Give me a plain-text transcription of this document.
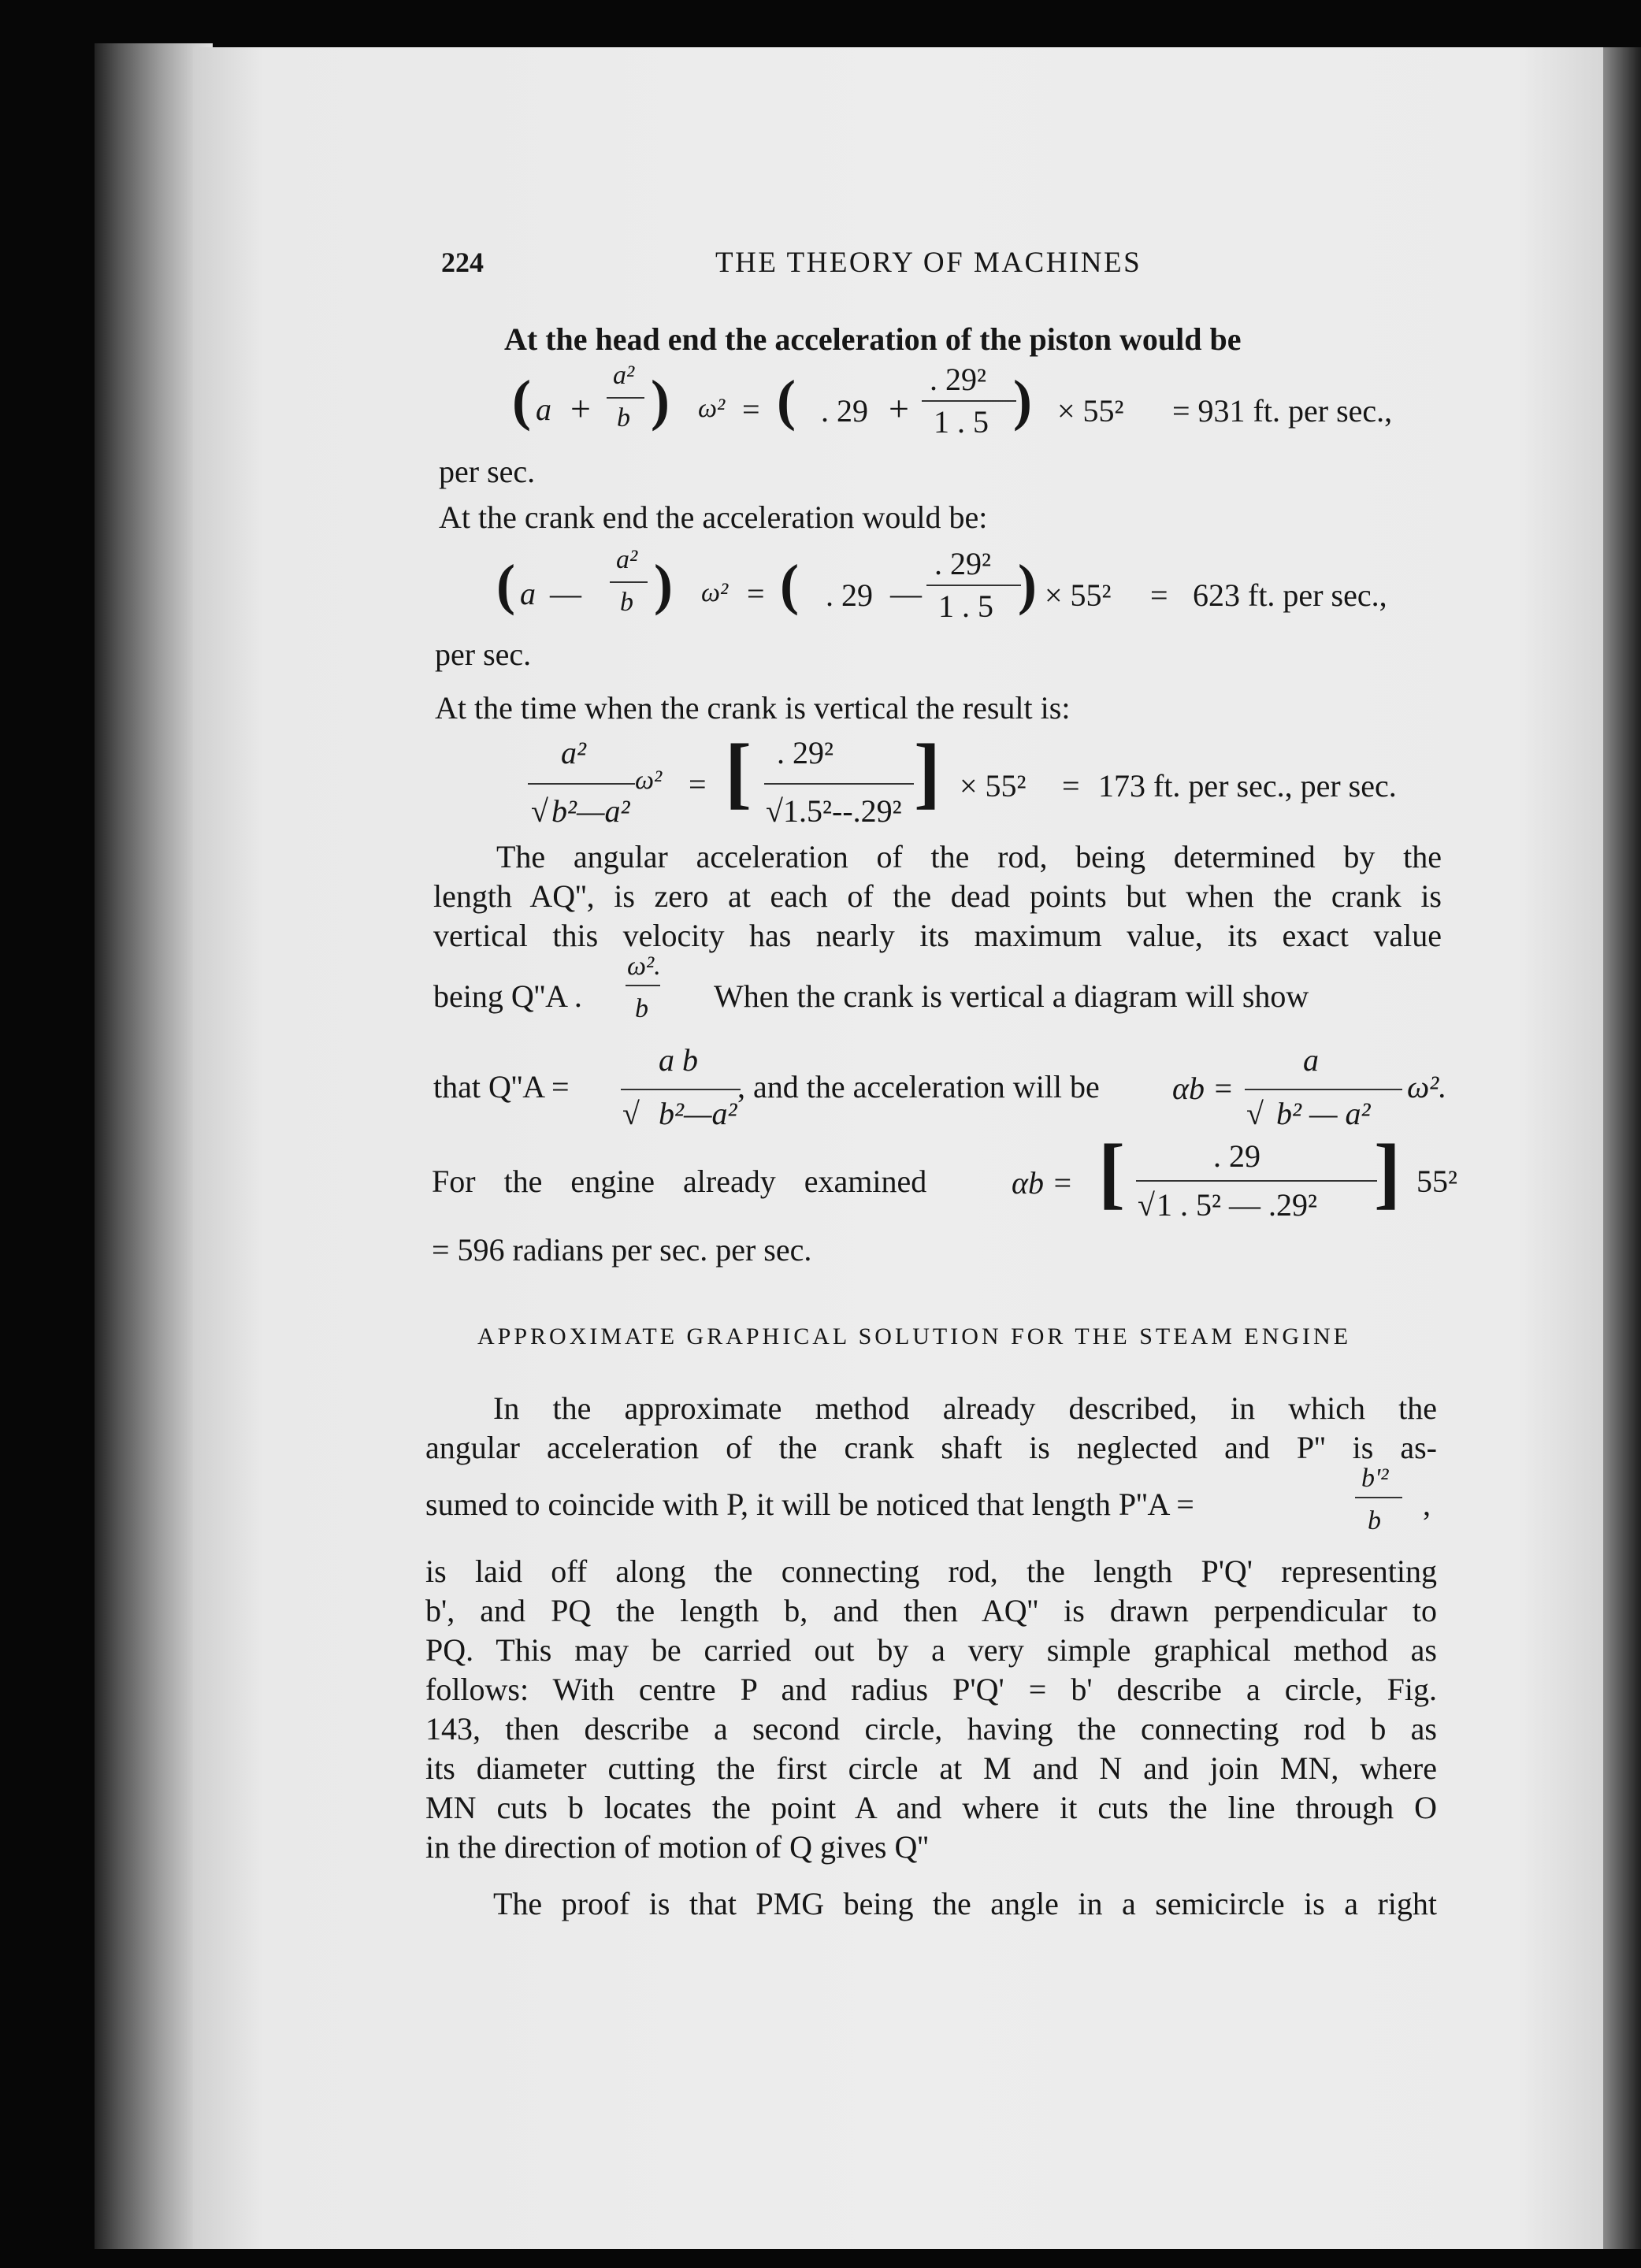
224	THE THEORY OF MACHINES
At the head end the acceleration of the piston would be
( a +
a²
b ) ω² = ( . 29 +
. 29²
1 . 5 ) × 55² = 931 ft. per sec.,
per sec.
At the crank end the acceleration would be:
( a —
a²
b ) ω² = ( . 29 —
. 29²
1 . 5 ) × 55² = 623 ft. per sec.,
per sec.
At the time when the crank is vertical the result is:
a²
ω²
√ b²—a²
= [ . 29²
√ 1.5²--.29² ] × 55² = 173 ft. per sec., per sec.
The angular acceleration of the rod, being determined by the
length AQ'', is zero at each of the dead points but when the crank is
vertical this velocity has nearly its maximum value, its exact value
being Q''A .
ω².
b When the crank is vertical a diagram will show
that Q''A =
a b
√ b²—a²
, and the acceleration will be αb =
a
√ b² — a²
ω².
For the engine already examined	αb = [	. 29
√ 1 . 5² — .29² ] 55²
= 596 radians per sec. per sec.
APPROXIMATE GRAPHICAL SOLUTION FOR THE STEAM ENGINE
In the approximate method already described, in which the
angular acceleration of the crank shaft is neglected and P'' is as-
sumed to coincide with P, it will be noticed that length P''A =
b'²
b ,
is laid off along the connecting rod, the length P'Q' representing
b', and PQ the length b, and then AQ'' is drawn perpendicular to
PQ. This may be carried out by a very simple graphical method as
follows: With centre P and radius P'Q' = b' describe a circle, Fig.
143, then describe a second circle, having the connecting rod b as
its diameter cutting the first circle at M and N and join MN, where
MN cuts b locates the point A and where it cuts the line through O
in the direction of motion of Q gives Q''
The proof is that PMG being the angle in a semicircle is a right
